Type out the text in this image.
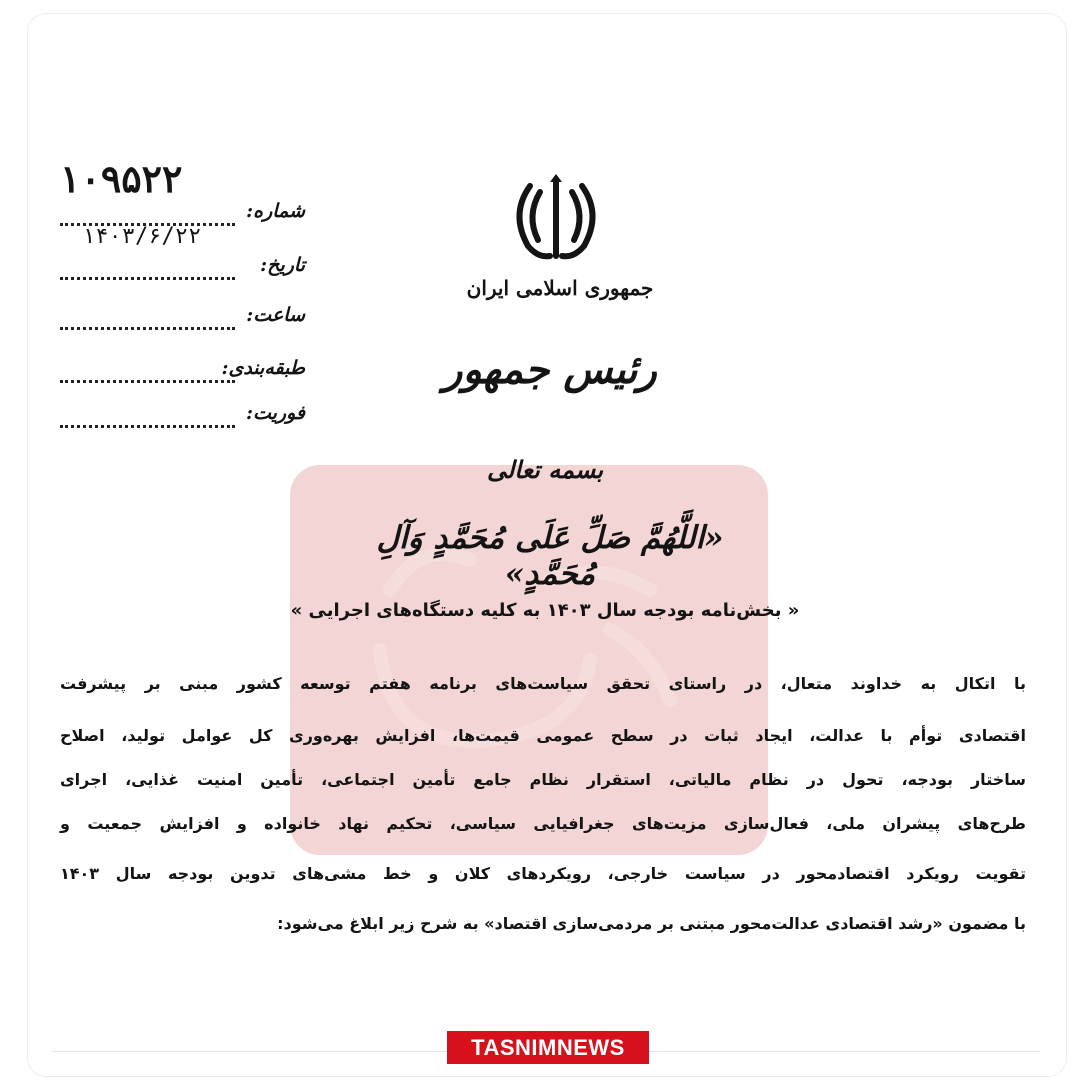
۱۰۹۵۲۲
شماره:
تاریخ:
۱۴۰۳/۶/۲۲
ساعت:
طبقه‌بندی:
فوریت:
جمهوری اسلامی ایران
رئیس جمهور
بسمه تعالی
«اللَّهُمَّ صَلِّ عَلَى مُحَمَّدٍ وَآلِ مُحَمَّدٍ»
« بخش‌نامه بودجه سال ۱۴۰۳ به کلیه دستگاه‌های اجرایی »
با اتکال به خداوند متعال، در راستای تحقق سیاست‌های برنامه هفتم توسعه کشور مبنی بر پیشرفت
اقتصادی توأم با عدالت، ایجاد ثبات در سطح عمومی قیمت‌ها، افزایش بهره‌وری کل عوامل تولید، اصلاح
ساختار بودجه، تحول در نظام مالیاتی، استقرار نظام جامع تأمین اجتماعی، تأمین امنیت غذایی، اجرای
طرح‌های پیشران ملی، فعال‌سازی مزیت‌های جغرافیایی سیاسی، تحکیم نهاد خانواده و افزایش جمعیت و
تقویت رویکرد اقتصادمحور در سیاست خارجی، رویکردهای کلان و خط مشی‌های تدوین بودجه سال ۱۴۰۳
با مضمون «رشد اقتصادی عدالت‌محور مبتنی بر مردمی‌سازی اقتصاد» به شرح زیر ابلاغ می‌شود:
TASNIMNEWS
